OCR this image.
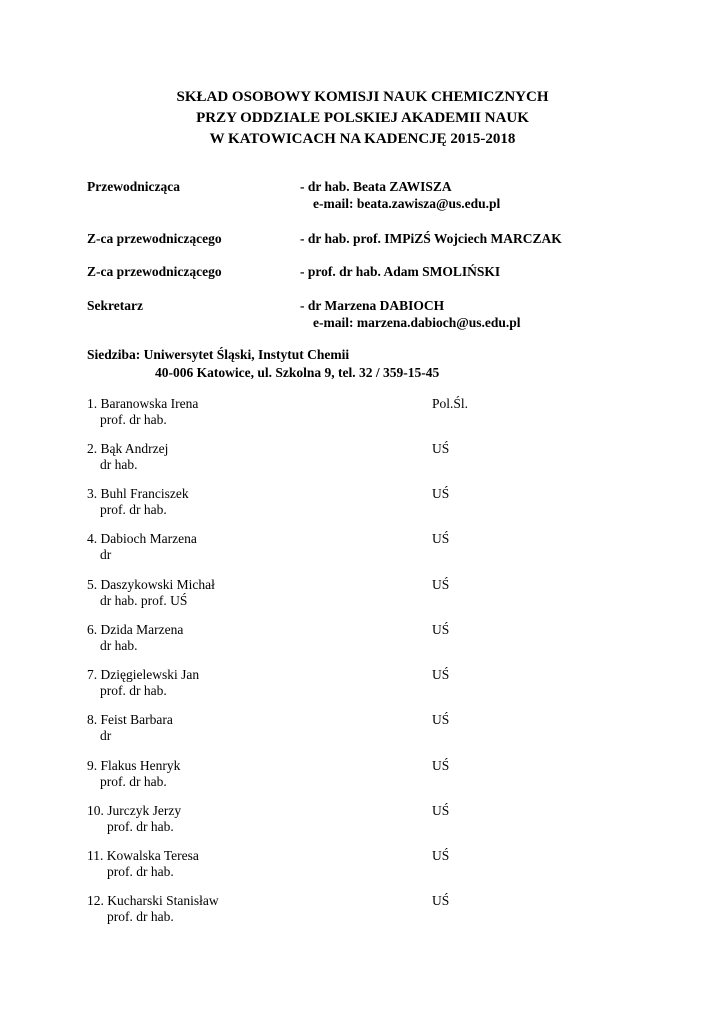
SKŁAD OSOBOWY KOMISJI NAUK CHEMICZNYCH
PRZY ODDZIALE POLSKIEJ AKADEMII NAUK
W KATOWICACH NA KADENCJĘ 2015-2018
Przewodnicząca	- dr hab. Beata ZAWISZA
e-mail: beata.zawisza@us.edu.pl
Z-ca przewodniczącego	- dr hab. prof. IMPiZŚ Wojciech MARCZAK
Z-ca przewodniczącego	- prof. dr hab. Adam SMOLIŃSKI
Sekretarz	- dr Marzena DABIOCH
e-mail: marzena.dabioch@us.edu.pl
Siedziba: Uniwersytet Śląski, Instytut Chemii
40-006 Katowice, ul. Szkolna 9, tel. 32 / 359-15-45
1. Baranowska Irena
prof. dr hab.
Pol.Śl.
2. Bąk Andrzej
dr hab.
UŚ
3. Buhl Franciszek
prof. dr hab.
UŚ
4. Dabioch Marzena
dr
UŚ
5. Daszykowski Michał
dr hab. prof. UŚ
UŚ
6. Dzida Marzena
dr hab.
UŚ
7. Dzięgielewski Jan
prof. dr hab.
UŚ
8. Feist Barbara
dr
UŚ
9. Flakus Henryk
prof. dr hab.
UŚ
10. Jurczyk Jerzy
prof. dr hab.
UŚ
11. Kowalska Teresa
prof. dr hab.
UŚ
12. Kucharski Stanisław
prof. dr hab.
UŚ
